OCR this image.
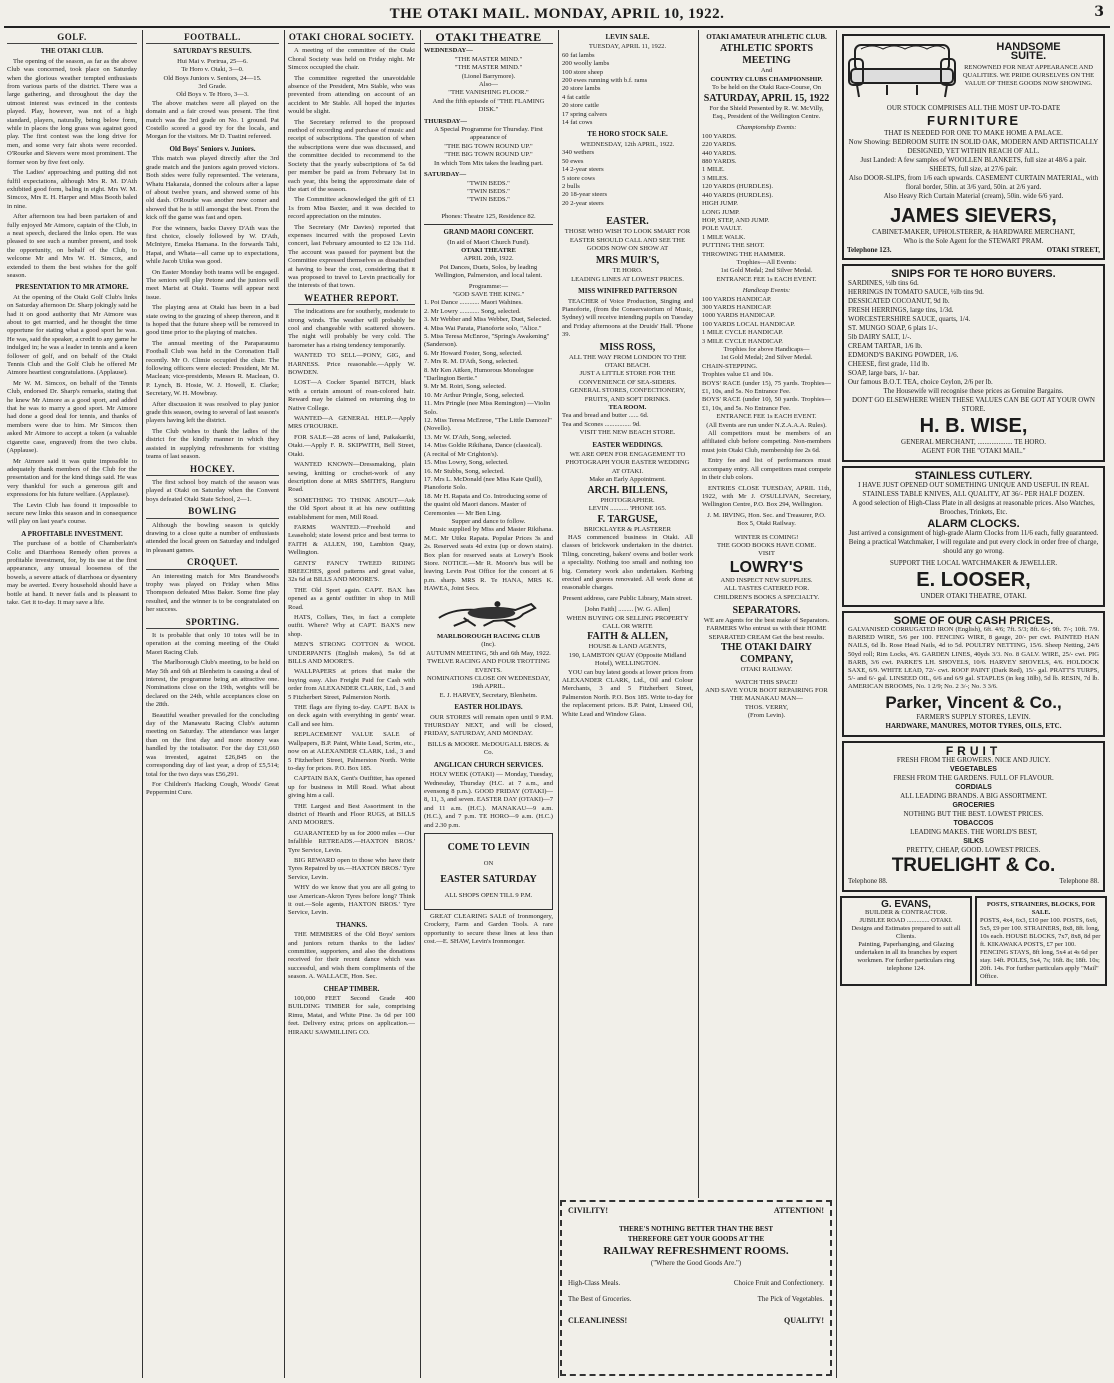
THE OTAKI MAIL. MONDAY, APRIL 10, 1922.	3
GOLF.
THE OTAKI CLUB.

The opening of the season, as far as the above Club was concerned, took place on Saturday when the glorious weather tempted enthusiasts from various parts of the district. There was a large gathering, and throughout the day the utmost interest was evinced in the contests played. Play, however, was not of a high standard, players, naturally, being below form, while in places the long grass was against good play. The first contest was the long drive for men, and some very fair shots were recorded. O'Rourke and Sievers were most prominent. The former won by five feet only.

The Ladies' approaching and putting did not fulfil expectations, although Mrs R. M. D'Ath exhibited good form, baling in eight. Mrs W. M. Simcox, Mrs E. H. Harper and Miss Booth baled in nine.

After afternoon tea had been partaken of and fully enjoyed Mr Atmore, captain of the Club, in a neat speech, declared the links open. He was pleased to see such a number present, and took the opportunity, on behalf of the Club, to welcome Mr and Mrs W. H. Simcox, and extended to them the best wishes for the golf season.

PRESENTATION TO MR ATMORE.

At the opening of the Otaki Golf Club's links on Saturday afternoon Dr. Sharp jokingly said he had it on good authority that Mr Atmore was about to get married, and he thought the time opportune for stating what a good sport he was. He was, said the speaker, a credit to any game he indulged in; he was a leader in tennis and a keen follower of golf, and on behalf of the Otaki Tennis Club and the Golf Club he offered Mr Atmore heartiest congratulations. (Applause).

Mr W. M. Simcox, on behalf of the Tennis Club, endorsed Dr. Sharp's remarks, stating that he knew Mr Atmore as a good sport, and added that he was to marry a good sport. Mr Atmore had done a good deal for tennis, and thanks of members were due to him. Mr Simcox then asked Mr Atmore to accept a token (a valuable cigarette case, engraved) from the two clubs. (Applause).

Mr Atmore said it was quite impossible to adequately thank members of the Club for the presentation and for the kind things said. He was very thankful for such a generous gift and expressions for his future welfare. (Applause).

The Levin Club has found it impossible to secure new links this season and in consequence will play on last year's course.

A PROFITABLE INVESTMENT.

The purchase of a bottle of Chamberlain's Colic and Diarrhoea Remedy often proves a profitable investment, for, by its use at the first appearance, any unusual looseness of the bowels, a severe attack of diarrhoea or dysentery may be averted. Every household should have a bottle at hand. It never fails and is pleasant to take. Get it to-day. It may save a life.

FOOTBALL.
SATURDAY'S RESULTS.
Hui Mai v. Porirua, 25—6.
Te Horo v. Otaki, 3—0.
Old Boys Juniors v. Seniors, 24—15.
3rd Grade.
Old Boys v. Te Horo, 3—3.

The above matches were all played on the domain and a fair crowd was present. The first match was the 3rd grade on No. 1 ground. Pat Costello scored a good try for the locals, and Morgan for the visitors. Mr D. Tuatini refereed.

Old Boys' Seniors v. Juniors.

This match was played directly after the 3rd grade match and the juniors again proved victors. Both sides were fully represented. The veterans, Whatu Hakaraia, donned the colours after a lapse of about twelve years, and showed some of his old dash. O'Rourke was another new comer and showed that he is still amongst the best. From the kick off the game was fast and open.

For the winners, backs Davey D'Ath was the first choice, closely followed by W. D'Ath, McIntyre, Emeka Hamana. In the forwards Tahi, Hapai, and Whata—all came up to expectations, while Jacob Utika was good.

On Easter Monday both teams will be engaged. The seniors will play Petone and the juniors will meet Marist at Otaki. Teams will appear next issue.

The playing area at Otaki has been in a bad state owing to the grazing of sheep thereon, and it is hoped that the future sheep will be removed in good time prior to the playing of matches.

The annual meeting of the Paraparaumu Football Club was held in the Coronation Hall recently. Mr O. Climie occupied the chair. The following officers were elected: President, Mr M. Maclean; vice-presidents, Messrs R. Maclean, O. P. Lynch, B. Hosie, W. J. Howell, E. Clarke; Secretary, W. H. Mowbray.

After discussion it was resolved to play junior grade this season, owing to several of last season's players having left the district.

The Club wishes to thank the ladies of the district for the kindly manner in which they assisted in supplying refreshments for visiting teams of last season.

HOCKEY.

The first school boy match of the season was played at Otaki on Saturday when the Convent boys defeated Otaki State School, 2—1.

BOWLING

Although the bowling season is quickly drawing to a close quite a number of enthusiasts attended the local green on Saturday and indulged in pleasant games.

CROQUET.

An interesting match for Mrs Brandwood's trophy was played on Friday when Miss Thompson defeated Miss Baker. Some fine play resulted, and the winner is to be congratulated on her success.

SPORTING.

It is probable that only 10 totes will be in operation at the coming meeting of the Otaki Maori Racing Club.

The Marlborough Club's meeting, to be held on May 5th and 6th at Blenheim is causing a deal of interest, the programme being an attractive one. Nominations close on the 19th, weights will be declared on the 24th, while acceptances close on the 28th.

Beautiful weather prevailed for the concluding day of the Manawatu Racing Club's autumn meeting on Saturday. The attendance was larger than on the first day and more money was handled by the totalisator. For the day £31,660 was invested, against £26,845 on the corresponding day of last year, a drop of £5,514; total for the two days was £56,291.

For Children's Hacking Cough, Woods' Great Peppermint Cure.

OTAKI CHORAL SOCIETY.

A meeting of the committee of the Otaki Choral Society was held on Friday night. Mr Simcox occupied the chair.

The committee regretted the unavoidable absence of the President, Mrs Stable, who was prevented from attending on account of an accident to Mr Stable. All hoped the injuries would be slight.

The Secretary referred to the proposed method of recording and purchase of music and receipt of subscriptions. The question of when the subscriptions were due was discussed, and the committee decided to recommend to the Society that the yearly subscriptions of 5s 6d per member be paid as from February 1st in each year, this being the approximate date of the start of the season.

The Committee acknowledged the gift of £1 1s from Miss Baxter, and it was decided to record appreciation on the minutes.

The Secretary (Mr Davies) reported that expenses incurred with the proposed Levin concert, last February amounted to £2 13s 11d. The account was passed for payment but the Committee expressed themselves as dissatisfied at having to bear the cost, considering that it was proposed to travel to Levin practically for the interests of that town.

WEATHER REPORT.

The indications are for southerly, moderate to strong winds. The weather will probably be cool and changeable with scattered showers. The night will probably be very cold. The barometer has a rising tendency temporarily.

WANTED TO SELL—PONY, GIG, and HARNESS. Price reasonable.—Apply W. BOWDEN.

LOST—A Cocker Spaniel BITCH, black with a certain amount of roan-colored hair. Reward may be claimed on returning dog to Native College.

WANTED—A GENERAL HELP.—Apply MRS O'ROURKE.

FOR SALE—28 acres of land, Paikakariki, Otaki.—Apply F. R. SKIPWITH, Bell Street, Otaki.

WANTED KNOWN—Dressmaking, plain sewing, knitting or crochet-work of any description done at MRS SMITH'S, Rangiuru Road.

SOMETHING TO THINK ABOUT—Ask the Old Sport about it at his new outfitting establishment for men, Mill Road.

FARMS WANTED.—Freehold and Leasehold; state lowest price and best terms to FAITH & ALLEN, 190, Lambton Quay, Wellington.

GENTS' FANCY TWEED RIDING BREECHES, good patterns and great value, 32s 6d at BILLS AND MOORE'S.

THE Old Sport again. CAPT. BAX has opened as a gents' outfitter in shop in Mill Road.

HATS, Collars, Ties, in fact a complete outfit. Where? Why at CAPT. BAX'S new shop.

MEN'S STRONG COTTON & WOOL UNDERPANTS (English makes), 5s 6d at BILLS AND MOORE'S.

WALLPAPERS at prices that make the buying easy. Also Freight Paid for Cash with order from ALEXANDER CLARK, Ltd., 3 and 5 Fitzherbert Street, Palmerston North.

THE flags are flying to-day. CAPT. BAX is on deck again with everything in gents' wear. Call and see him.

REPLACEMENT VALUE SALE of Wallpapers, B.P. Paint, White Lead, Scrim, etc., now on at ALEXANDER CLARK, Ltd., 3 and 5 Fitzherbert Street, Palmerston North. Write to-day for prices. P.O. Box 185.

CAPTAIN BAX, Gent's Outfitter, has opened up for business in Mill Road. What about giving him a call.

THE Largest and Best Assortment in the district of Hearth and Floor RUGS, at BILLS AND MOORE'S.

GUARANTEED by us for 2000 miles —Our Infallible RETREADS.—HAXTON BROS.' Tyre Service, Levin.

BIG REWARD open to those who have their Tyres Repaired by us.—HAXTON BROS.' Tyre Service, Levin.

WHY do we know that you are all going to use American-Akron Tyres before long? Think it out.—Sole agents, HAXTON BROS.' Tyre Service, Levin.

THANKS.

THE MEMBERS of the Old Boys' seniors and juniors return thanks to the ladies' committee, supporters, and also the donations received for their recent dance which was successful, and wish them compliments of the season. A. WALLACE, Hon. Sec.

CHEAP TIMBER.

100,000 FEET Second Grade 400 BUILDING TIMBER for sale, comprising Rimu, Matai, and White Pine. 3s 6d per 100 feet. Delivery extra; prices on application.—HIRAKU SAWMILLING CO.

OTAKI THEATRE
WEDNESDAY—
"THE MASTER MIND."
"THE MASTER MIND."
(Lionel Barrymore).
Also—
"THE VANISHING FLOOR."
And the fifth episode of "THE FLAMING DISK."
THURSDAY—
A Special Programme for Thursday. First appearance of
"THE BIG TOWN ROUND UP."
"THE BIG TOWN ROUND UP."
In which Tom Mix takes the leading part.
SATURDAY—
"TWIN BEDS."
"TWIN BEDS."
"TWIN BEDS."
Phones: Theatre 125, Residence 82.
GRAND MAORI CONCERT.
(In aid of Maori Church Fund).
OTAKI THEATRE
APRIL 20th, 1922.

Poi Dances, Duets, Solos, by leading Wellington, Palmerston, and local talent.

Programme:—
"GOD SAVE THE KING."
1. Poi Dance ............ Maori Wahines.
2. Mr Lowry ............ Song, selected.
3. Mr Webber and Miss Webber, Duet, Selected.
4. Miss Wai Parata, Pianoforte solo, "Alice."
5. Miss Teresa McEnroe, "Spring's Awakening" (Sanderson).
6. Mr Howard Foster, Song, selected.
7. Mrs R. M. D'Ath, Song, selected.
8. Mr Ken Aitken, Humorous Monologue "Darlington Bertie."
9. Mr M. Roiri, Song, selected.
10. Mr Arthur Pringle, Song, selected.
11. Mrs Pringle (nee Miss Remington) —Violin Solo.
12. Miss Teresa McEnroe, "The Little Damozel" (Novello).
13. Mr W. D'Ath, Song, selected.
14. Miss Goldie Rikihana, Dance (classical).
(A recital of Mr Crighton's).
15. Miss Lowry, Song, selected.
16. Mr Stubbs, Song, selected.
17. Mrs L. McDonald (nee Miss Kate Quill), Pianoforte Solo.
18. Mr H. Rapata and Co. Introducing some of the quaint old Maori dances. Master of Ceremonies — Mr Ben Ling.
Supper and dance to follow.

Music supplied by Miss and Master Rikihana. M.C. Mr Utiku Rapata. Popular Prices 3s and 2s. Reserved seats 4d extra (up or down stairs). Box plan for reserved seats at Lowry's Book Store. NOTICE.—Mr R. Moore's bus will be leaving Levin Post Office for the concert at 6 p.m. sharp. MRS R. Te HANA, MRS K. HAWEA, Joint Secs.

MARLBOROUGH RACING CLUB
(Inc).
AUTUMN MEETING, 5th and 6th May, 1922.
TWELVE RACING AND FOUR TROTTING EVENTS.
NOMINATIONS CLOSE ON WEDNESDAY, 19th APRIL.
E. J. HARVEY, Secretary, Blenheim.
EASTER HOLIDAYS.

OUR STORES will remain open until 9 P.M. THURSDAY NEXT, and will be closed, FRIDAY, SATURDAY, AND MONDAY.

BILLS & MOORE. McDOUGALL BROS. & Co.
ANGLICAN CHURCH SERVICES.

HOLY WEEK (OTAKI) — Monday, Tuesday, Wednesday, Thursday (H.C. at 7 a.m., and evensong 8 p.m.). GOOD FRIDAY (OTAKI)—8, 11, 3, and seven. EASTER DAY (OTAKI)—7 and 11 a.m. (H.C.). MANAKAU—9 a.m. (H.C.), and 7 p.m. TE HORO—9 a.m. (H.C.) and 2.30 p.m.

COME TO LEVIN
ON
EASTER SATURDAY
ALL SHOPS OPEN TILL 9 P.M.

GREAT CLEARING SALE of Ironmongery, Crockery, Farm and Garden Tools. A rare opportunity to secure these lines at less than cost.—E. SHAW, Levin's Ironmonger.

LEVIN SALE.
TUESDAY, APRIL 11, 1922.
60 fat lambs
200 woolly lambs
100 store sheep
200 ewes running with b.f. rams
20 store lambs
4 fat cattle
20 store cattle
17 spring calvers
14 fat cows
TE HORO STOCK SALE.
WEDNESDAY, 12th APRIL, 1922.
340 wethers
50 ewes
14 2-year steers
5 store cows
2 bulls
20 18-year steers
20 2-year steers
EASTER.

THOSE WHO WISH TO LOOK SMART FOR EASTER SHOULD CALL AND SEE THE GOODS NOW ON SHOW AT

MRS MUIR'S,
TE HORO.
LEADING LINES AT LOWEST PRICES.
MISS WINIFRED PATTERSON

TEACHER of Voice Production, Singing and Pianoforte, (from the Conservatorium of Music, Sydney) will receive intending pupils on Tuesday and Friday afternoons at the Druids' Hall. 'Phone 39.

MISS ROSS,
ALL THE WAY FROM LONDON TO THE OTAKI BEACH.
JUST A LITTLE STORE FOR THE CONVENIENCE OF SEA-SIDERS.
GENERAL STORES, CONFECTIONERY, FRUITS, AND SOFT DRINKS.
TEA ROOM.
Tea and bread and butter ...... 6d.
Tea and Scones ................ 9d.
VISIT THE NEW BEACH STORE.
EASTER WEDDINGS.
WE ARE OPEN FOR ENGAGEMENT TO PHOTOGRAPH YOUR EASTER WEDDING AT OTAKI.
Make an Early Appointment.
ARCH. BILLENS,
PHOTOGRAPHER.
LEVIN ........... 'PHONE 165.
F. TARGUSE,
BRICKLAYER & PLASTERER

HAS commenced business in Otaki. All classes of brickwork undertaken in the district. Tiling, concreting, bakers' ovens and boiler work a speciality. Nothing too small and nothing too big. Cemetery work also undertaken. Kerbing erected and graves renovated. All work done at reasonable charges.

Present address, care Public Library, Main street.
[John Faith] ......... [W. G. Allen]
WHEN BUYING OR SELLING PROPERTY CALL OR WRITE
FAITH & ALLEN,
HOUSE & LAND AGENTS,
190, LAMBTON QUAY (Opposite Midland Hotel), WELLINGTON.

YOU can buy latest goods at lower prices from ALEXANDER CLARK, Ltd., Oil and Colour Merchants, 3 and 5 Fitzherbert Street, Palmerston North. P.O. Box 185. Write to-day for the replacement prices. B.P. Paint, Linseed Oil, White Lead and Window Glass.

CIVILITY!	ATTENTION!
THERE'S NOTHING BETTER THAN THE BEST
THEREFORE GET YOUR GOODS AT THE
RAILWAY REFRESHMENT ROOMS.
("Where the Good Goods Are.")
High-Class Meals.	Choice Fruit and Confectionery.
The Best of Groceries.	The Pick of Vegetables.
CLEANLINESS!	QUALITY!
OTAKI AMATEUR ATHLETIC CLUB.
ATHLETIC SPORTS MEETING
And
COUNTRY CLUBS CHAMPIONSHIP.
To be held on the Otaki Race-Course, On
SATURDAY, APRIL 15, 1922
For the Shield Presented by R. W. McVilly, Esq., President of the Wellington Centre.
Championship Events:
100 YARDS.
220 YARDS.
440 YARDS.
880 YARDS.
1 MILE.
3 MILES.
120 YARDS (HURDLES).
440 YARDS (HURDLES).
HIGH JUMP.
LONG JUMP.
HOP, STEP, AND JUMP.
POLE VAULT.
1 MILE WALK.
PUTTING THE SHOT.
THROWING THE HAMMER.
Trophies—All Events:
1st Gold Medal; 2nd Silver Medal.
ENTRANCE FEE 1s EACH EVENT.
Handicap Events:
100 YARDS HANDICAP.
300 YARDS HANDICAP.
1000 YARDS HANDICAP.
100 YARDS LOCAL HANDICAP.
1 MILE CYCLE HANDICAP.
3 MILE CYCLE HANDICAP.
Trophies for above Handicaps—
1st Gold Medal; 2nd Silver Medal.
CHAIN-STEPPING.
Trophies value £1 and 10s.
BOYS' RACE (under 15), 75 yards. Trophies—£1, 10s, and 5s. No Entrance Fee.
BOYS' RACE (under 10), 50 yards. Trophies—£1, 10s, and 5s. No Entrance Fee.
ENTRANCE FEE 1s EACH EVENT.
(All Events are run under N.Z.A.A.A. Rules).

All competitors must be members of an affiliated club before competing. Non-members must join Otaki Club, membership fee 2s 6d.

Entry fee and list of performances must accompany entry. All competitors must compete in their club colors.

ENTRIES CLOSE TUESDAY, APRIL 11th, 1922, with Mr J. O'SULLIVAN, Secretary, Wellington Centre, P.O. Box 294, Wellington.

J. M. IRVING, Hon. Sec. and Treasurer, P.O. Box 5, Otaki Railway.
WINTER IS COMING!
THE GOOD BOOKS HAVE COME.
VISIT
LOWRY'S
AND INSPECT NEW SUPPLIES.
ALL TASTES CATERED FOR.
CHILDREN'S BOOKS A SPECIALTY.
SEPARATORS.
WE are Agents for the best make of Separators.
FARMERS Who entrust us with their HOME SEPARATED CREAM Get the best results.
THE OTAKI DAIRY
COMPANY,
OTAKI RAILWAY.
WATCH THIS SPACE!
AND SAVE YOUR BOOT REPAIRING FOR THE MANAKAU MAN—
THOS. VERRY,
(From Levin).
HANDSOME
SUITE.
RENOWNED FOR NEAT APPEARANCE AND QUALITIES. WE PRIDE OURSELVES ON THE VALUE OF THESE GOODS NOW SHOWING.
OUR STOCK COMPRISES ALL THE MOST UP-TO-DATE
FURNITURE
THAT IS NEEDED FOR ONE TO MAKE HOME A PALACE.
Now Showing: BEDROOM SUITE IN SOLID OAK, MODERN AND ARTISTICALLY DESIGNED, YET WITHIN REACH OF ALL.
Just Landed: A few samples of WOOLLEN BLANKETS, full size at 48/6 a pair.
SHEETS, full size, at 27/6 pair.
Also DOOR-SLIPS, from 1/6 each upwards. CASEMENT CURTAIN MATERIAL, with floral border, 50in. at 3/6 yard, 50in. at 2/6 yard.
Also Heavy Rich Curtain Material (cream), 50in. wide 6/6 yard.
JAMES SIEVERS,
CABINET-MAKER, UPHOLSTERER, & HARDWARE MERCHANT,
Who is the Sole Agent for the STEWART PRAM.
Telephone 123.	OTAKI STREET,
SNIPS FOR TE HORO BUYERS.
SARDINES, ½lb tins 6d.
HERRINGS IN TOMATO SAUCE, ½lb tins 9d.
DESSICATED COCOANUT, 9d lb.
FRESH HERRINGS, large tins, 1/3d.
WORCESTERSHIRE SAUCE, quarts, 1/4.
ST. MUNGO SOAP, 6 plats 1/-.
5lb DAIRY SALT, 1/-.
CREAM TARTAR, 1/6 lb.
EDMOND'S BAKING POWDER, 1/6.
CHEESE, first grade, 11d lb.
SOAP, large bars, 1/- bar.
Our famous B.O.T. TEA, choice Ceylon, 2/6 per lb.
The Housewife will recognise these prices as Genuine Bargains.
DON'T GO ELSEWHERE WHEN THESE VALUES CAN BE GOT AT YOUR OWN STORE.
H. B. WISE,
GENERAL MERCHANT, .................... TE HORO.
AGENT FOR THE "OTAKI MAIL."
STAINLESS CUTLERY.
I HAVE JUST OPENED OUT SOMETHING UNIQUE AND USEFUL IN REAL STAINLESS TABLE KNIVES, ALL QUALITY, AT 36/- PER HALF DOZEN.
A good selection of High-Class Plate in all designs at reasonable prices. Also Watches, Brooches, Trinkets, Etc.
ALARM CLOCKS.
Just arrived a consignment of high-grade Alarm Clocks from 11/6 each, fully guaranteed. Being a practical Watchmaker, I will regulate and put every clock in order free of charge, should any go wrong.
SUPPORT THE LOCAL WATCHMAKER & JEWELLER.
E. LOOSER,
UNDER OTAKI THEATRE, OTAKI.
SOME OF OUR CASH PRICES.
GALVANISED CORRUGATED IRON (English), 6ft. 4/6; 7ft. 5/3; 8ft. 6/-; 9ft. 7/-; 10ft. 7/9. BARBED WIRE, 5/6 per 100. FENCING WIRE, 8 gauge, 20/- per cwt. PAINTED HAN NAILS, 6d lb. Rose Head Nails, 4d to 5d. POULTRY NETTING, 15/6. Sheep Netting, 24/6 50yd roll; Rim Locks, 4/6. GARDEN LINES, 40yds 3/3. No. 8 GALV. WIRE, 25/- cwt. PIG BARB, 3/6 cwt. PARKE'S LH. SHOVELS, 10/6. HARVEY SHOVELS, 4/6. HOLDOCK SAXE, 6/9. WHITE LEAD, 72/- cwt. ROOF PAINT (Dark Red), 15/- gal. PRATT'S TURPS, 5/- and 6/- gal. LINSEED OIL, 6/6 and 6/9 gal. STAPLES (in keg 18lb), 5d lb. RESIN, 7d lb. AMERICAN BROOMS, No. 1 2/9; No. 2 3/-; No. 3 3/6.
Parker, Vincent & Co.,
FARMER'S SUPPLY STORES, LEVIN.
HARDWARE, MANURES, MOTOR TYRES, OILS, ETC.
FRUIT
FRESH FROM THE GROWERS. NICE AND JUICY.
VEGETABLES
FRESH FROM THE GARDENS. FULL OF FLAVOUR.
CORDIALS
ALL LEADING BRANDS. A BIG ASSORTMENT.
GROCERIES
NOTHING BUT THE BEST. LOWEST PRICES.
TOBACCOS
LEADING MAKES. THE WORLD'S BEST,
SILKS
PRETTY, CHEAP, GOOD. LOWEST PRICES.
TRUELIGHT & Co.
Telephone 88.	Telephone 88.
G. EVANS,
BUILDER & CONTRACTOR.
JUBILEE ROAD .............. OTAKI.
Designs and Estimates prepared to suit all Clients.
Painting, Paperhanging, and Glazing undertaken in all its branches by expert workmen. For further particulars ring telephone 124.
POSTS, STRAINERS, BLOCKS, FOR SALE.
POSTS, 4x4, 6x3, £10 per 100. POSTS, 6x6, 5x5, £9 per 100. STRAINERS, 8x8, 8ft. long, 10s each. HOUSE BLOCKS, 7x7, 8x8, 8d per ft. KIKAWAKA POSTS, £7 per 100. FENCING STAYS, 8ft long, 5x4 at 4s 6d per stay. 14ft. POLES, 5x4, 7s; 16ft. 8s; 18ft. 10s; 20ft. 14s. For further particulars apply "Mail" Office.
